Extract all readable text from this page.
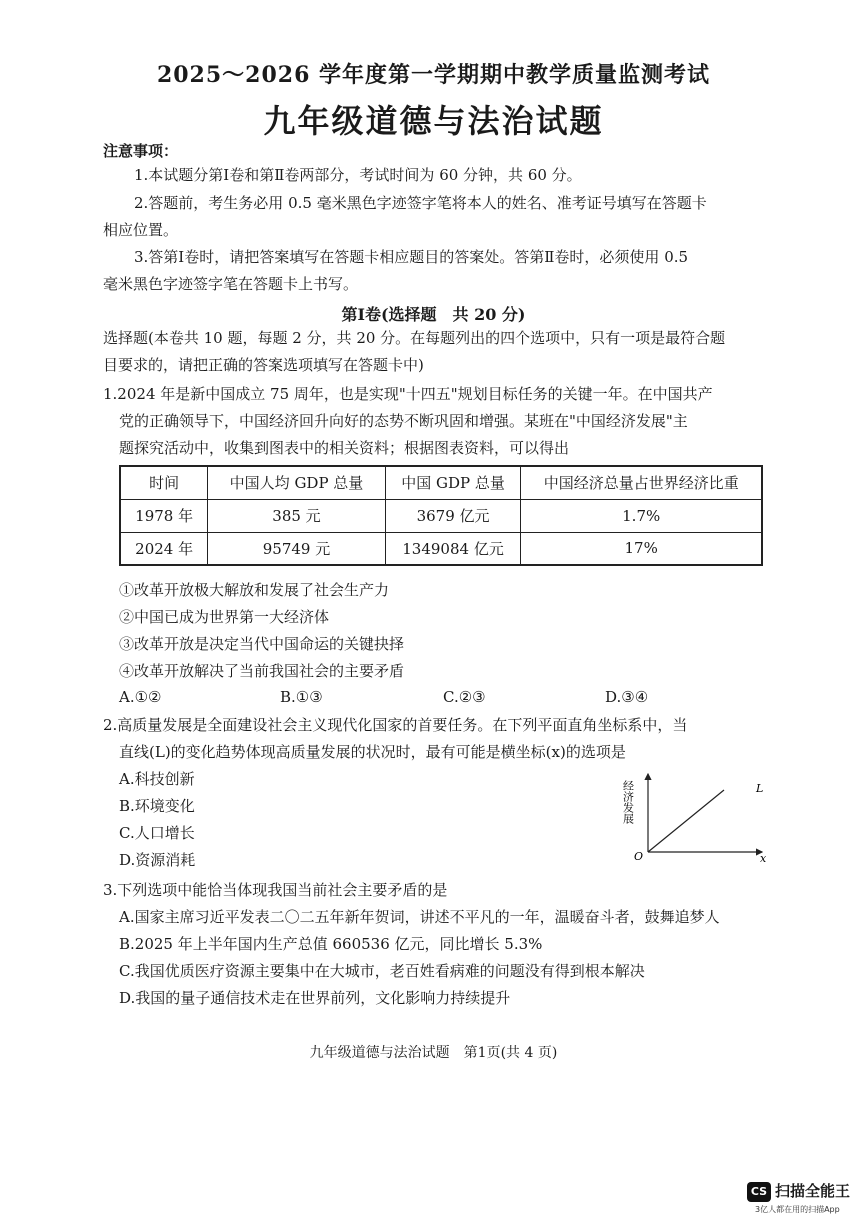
2025～2026 学年度第一学期期中教学质量监测考试
九年级道德与法治试题
注意事项：
1.本试题分第Ⅰ卷和第Ⅱ卷两部分，考试时间为 60 分钟，共 60 分。
2.答题前，考生务必用 0.5 毫米黑色字迹签字笔将本人的姓名、准考证号填写在答题卡
相应位置。
3.答第Ⅰ卷时，请把答案填写在答题卡相应题目的答案处。答第Ⅱ卷时，必须使用 0.5
毫米黑色字迹签字笔在答题卡上书写。
第Ⅰ卷(选择题　共 20 分)
选择题(本卷共 10 题，每题 2 分，共 20 分。在每题列出的四个选项中，只有一项是最符合题
目要求的，请把正确的答案选项填写在答题卡中)
1.2024 年是新中国成立 75 周年，也是实现"十四五"规划目标任务的关键一年。在中国共产
党的正确领导下，中国经济回升向好的态势不断巩固和增强。某班在"中国经济发展"主
题探究活动中，收集到图表中的相关资料；根据图表资料，可以得出
时间	中国人均 GDP 总量	中国 GDP 总量	中国经济总量占世界经济比重
1978 年	385 元	3679 亿元	1.7%
2024 年	95749 元	1349084 亿元	17%
①改革开放极大解放和发展了社会生产力
②中国已成为世界第一大经济体
③改革开放是决定当代中国命运的关键抉择
④改革开放解决了当前我国社会的主要矛盾
A.①②	B.①③	C.②③	D.③④
2.高质量发展是全面建设社会主义现代化国家的首要任务。在下列平面直角坐标系中，当
直线(L)的变化趋势体现高质量发展的状况时，最有可能是横坐标(x)的选项是
A.科技创新
B.环境变化
C.人口增长
D.资源消耗
经济发展	L
O	x
3.下列选项中能恰当体现我国当前社会主要矛盾的是
A.国家主席习近平发表二〇二五年新年贺词，讲述不平凡的一年，温暖奋斗者，鼓舞追梦人
B.2025 年上半年国内生产总值 660536 亿元，同比增长 5.3%
C.我国优质医疗资源主要集中在大城市，老百姓看病难的问题没有得到根本解决
D.我国的量子通信技术走在世界前列，文化影响力持续提升
九年级道德与法治试题　第1页(共 4 页)
CS 扫描全能王
3亿人都在用的扫描App
